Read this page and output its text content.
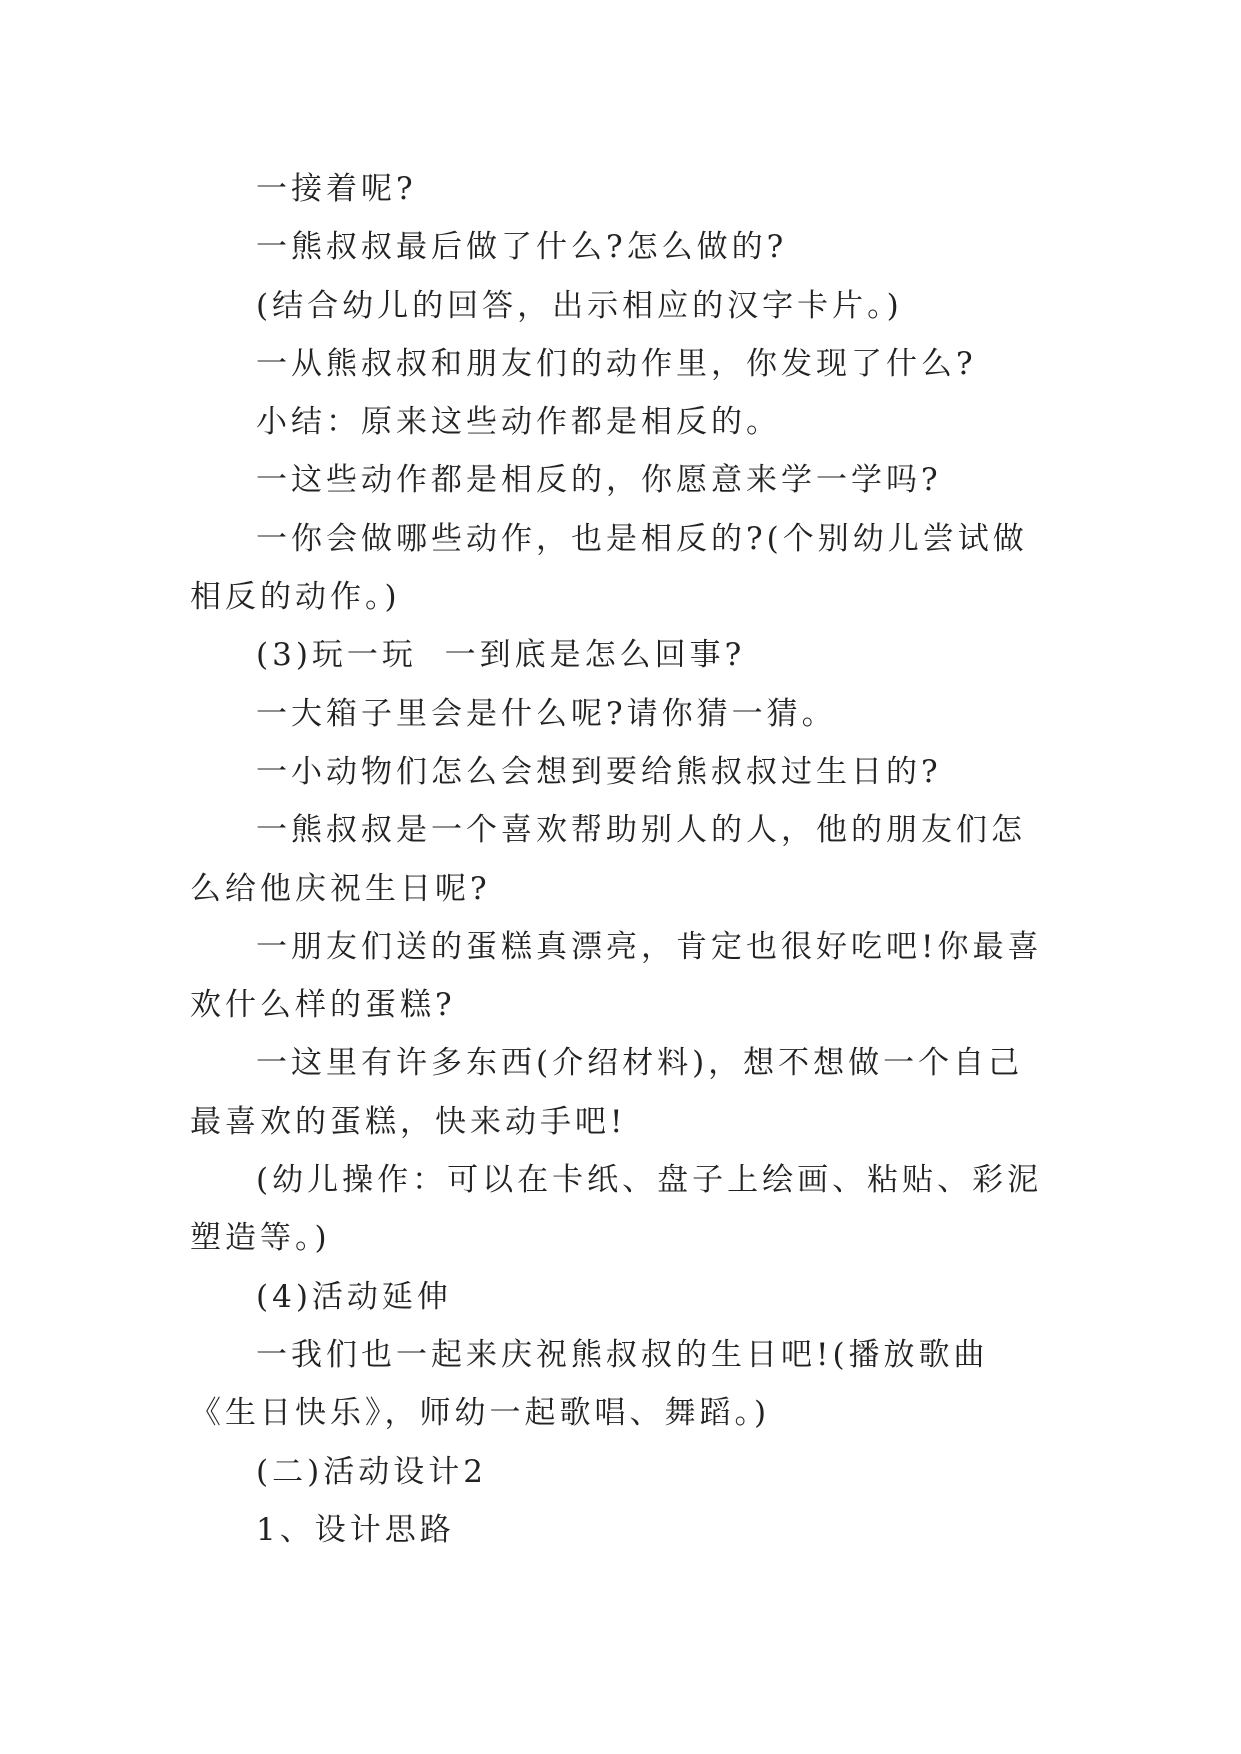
一接着呢?

一熊叔叔最后做了什么?怎么做的?

(结合幼儿的回答，出示相应的汉字卡片。)

一从熊叔叔和朋友们的动作里，你发现了什么?

小结：原来这些动作都是相反的。

一这些动作都是相反的，你愿意来学一学吗?

一你会做哪些动作，也是相反的?(个别幼儿尝试做相反的动作。)

(3)玩一玩  一到底是怎么回事?

一大箱子里会是什么呢?请你猜一猜。

一小动物们怎么会想到要给熊叔叔过生日的?

一熊叔叔是一个喜欢帮助别人的人，他的朋友们怎么给他庆祝生日呢?

一朋友们送的蛋糕真漂亮，肯定也很好吃吧!你最喜欢什么样的蛋糕?

一这里有许多东西(介绍材料)，想不想做一个自己最喜欢的蛋糕，快来动手吧!

(幼儿操作：可以在卡纸、盘子上绘画、粘贴、彩泥塑造等。)

(4)活动延伸

一我们也一起来庆祝熊叔叔的生日吧!(播放歌曲《生日快乐》，师幼一起歌唱、舞蹈。)

(二)活动设计2

1、设计思路
